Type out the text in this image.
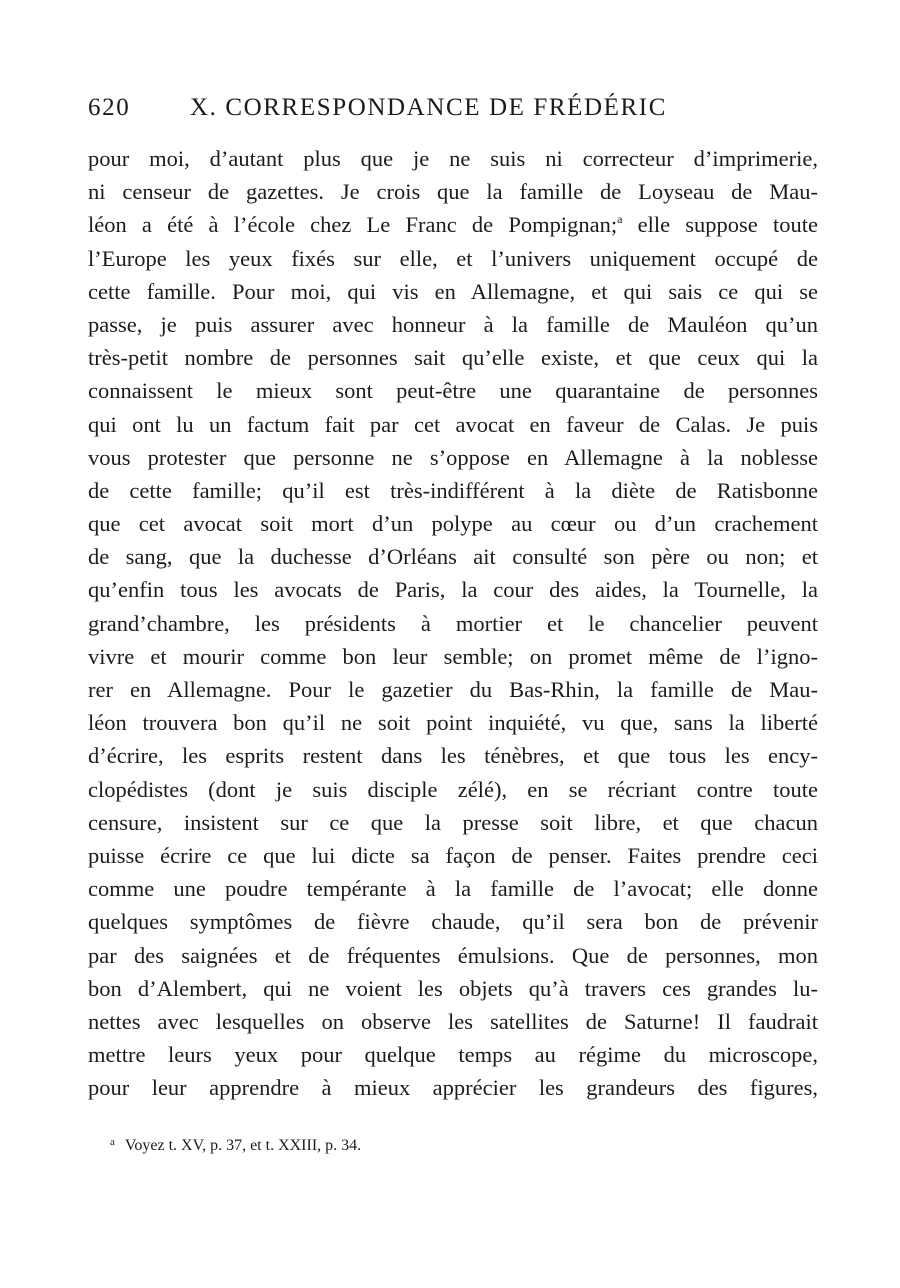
620 X. CORRESPONDANCE DE FRÉDÉRIC
pour moi, d’autant plus que je ne suis ni correcteur d’imprimerie,
ni censeur de gazettes. Je crois que la famille de Loyseau de Mau-
léon a été à l’école chez Le Franc de Pompignan;$^a$ elle suppose toute
l’Europe les yeux fixés sur elle, et l’univers uniquement occupé de
cette famille. Pour moi, qui vis en Allemagne, et qui sais ce qui se
passe, je puis assurer avec honneur à la famille de Mauléon qu’un
très-petit nombre de personnes sait qu’elle existe, et que ceux qui la
connaissent le mieux sont peut-être une quarantaine de personnes
qui ont lu un factum fait par cet avocat en faveur de Calas. Je puis
vous protester que personne ne s’oppose en Allemagne à la noblesse
de cette famille; qu’il est très-indifférent à la diète de Ratisbonne
que cet avocat soit mort d’un polype au cœur ou d’un crachement
de sang, que la duchesse d’Orléans ait consulté son père ou non; et
qu’enfin tous les avocats de Paris, la cour des aides, la Tournelle, la
grand’chambre, les présidents à mortier et le chancelier peuvent
vivre et mourir comme bon leur semble; on promet même de l’igno-
rer en Allemagne. Pour le gazetier du Bas-Rhin, la famille de Mau-
léon trouvera bon qu’il ne soit point inquiété, vu que, sans la liberté
d’écrire, les esprits restent dans les ténèbres, et que tous les ency-
clopédistes (dont je suis disciple zélé), en se récriant contre toute
censure, insistent sur ce que la presse soit libre, et que chacun
puisse écrire ce que lui dicte sa façon de penser. Faites prendre ceci
comme une poudre tempérante à la famille de l’avocat; elle donne
quelques symptômes de fièvre chaude, qu’il sera bon de prévenir
par des saignées et de fréquentes émulsions. Que de personnes, mon
bon d’Alembert, qui ne voient les objets qu’à travers ces grandes lu-
nettes avec lesquelles on observe les satellites de Saturne! Il faudrait
mettre leurs yeux pour quelque temps au régime du microscope,
pour leur apprendre à mieux apprécier les grandeurs des figures,
$^a$ Voyez t. XV, p. 37, et t. XXIII, p. 34.
